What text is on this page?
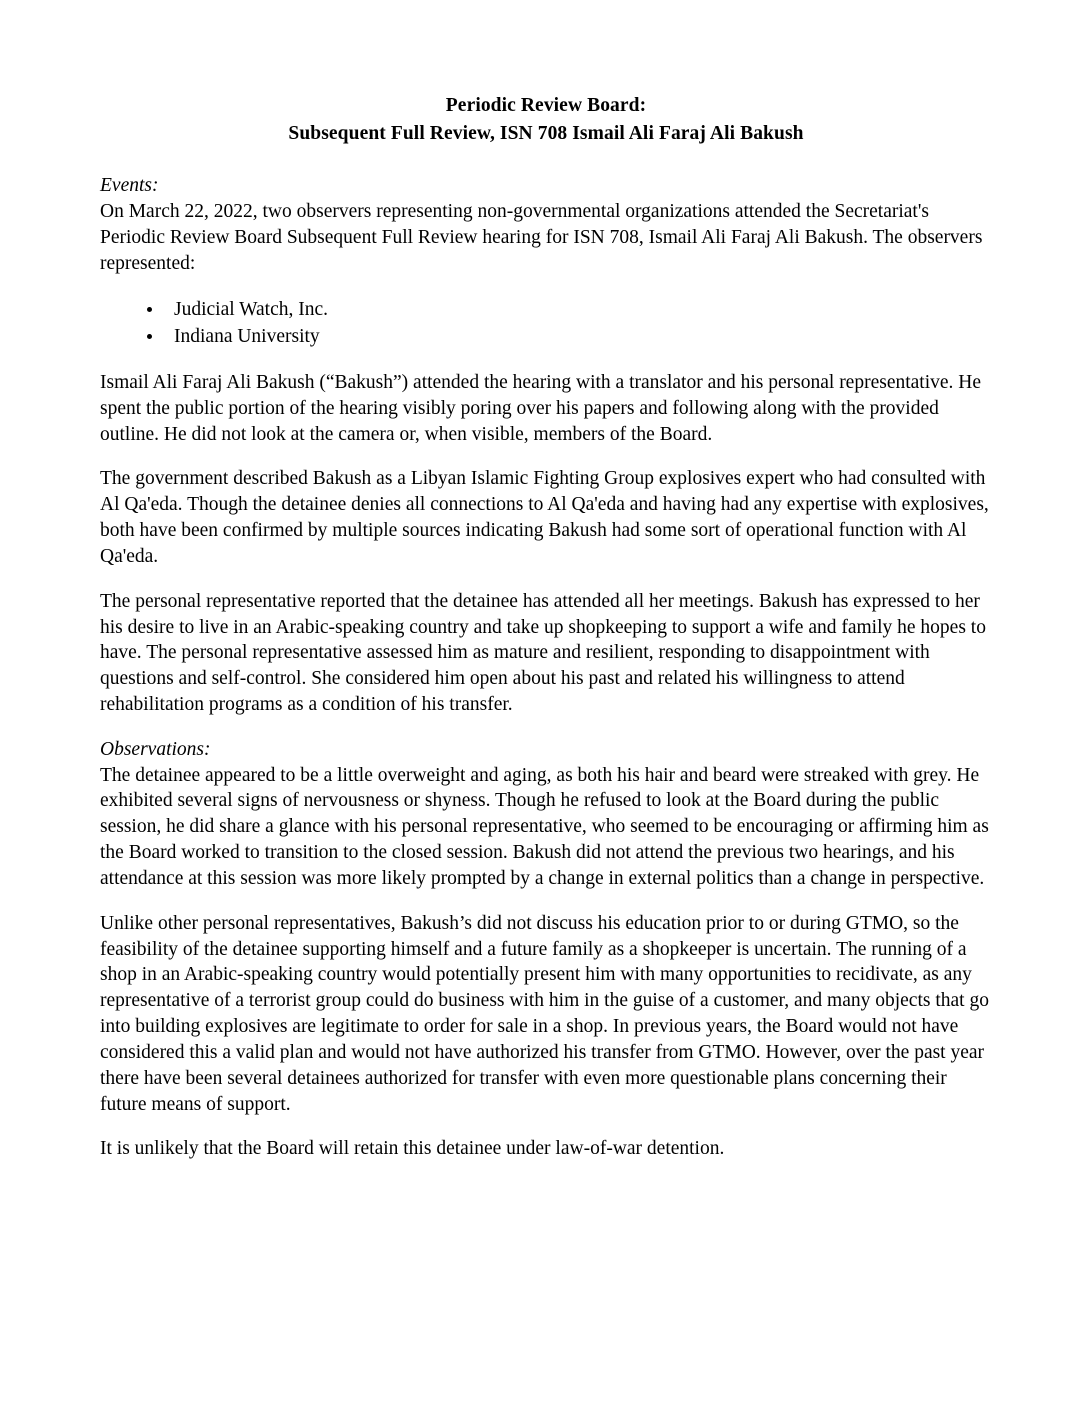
Periodic Review Board:
Subsequent Full Review, ISN 708 Ismail Ali Faraj Ali Bakush

Events:

On March 22, 2022, two observers representing non-governmental organizations attended the Secretariat's Periodic Review Board Subsequent Full Review hearing for ISN 708, Ismail Ali Faraj Ali Bakush. The observers represented:

• Judicial Watch, Inc.
• Indiana University

Ismail Ali Faraj Ali Bakush (“Bakush”) attended the hearing with a translator and his personal representative. He spent the public portion of the hearing visibly poring over his papers and following along with the provided outline. He did not look at the camera or, when visible, members of the Board.

The government described Bakush as a Libyan Islamic Fighting Group explosives expert who had consulted with Al Qa'eda. Though the detainee denies all connections to Al Qa'eda and having had any expertise with explosives, both have been confirmed by multiple sources indicating Bakush had some sort of operational function with Al Qa'eda.

The personal representative reported that the detainee has attended all her meetings. Bakush has expressed to her his desire to live in an Arabic-speaking country and take up shopkeeping to support a wife and family he hopes to have. The personal representative assessed him as mature and resilient, responding to disappointment with questions and self-control. She considered him open about his past and related his willingness to attend rehabilitation programs as a condition of his transfer.

Observations:

The detainee appeared to be a little overweight and aging, as both his hair and beard were streaked with grey. He exhibited several signs of nervousness or shyness. Though he refused to look at the Board during the public session, he did share a glance with his personal representative, who seemed to be encouraging or affirming him as the Board worked to transition to the closed session. Bakush did not attend the previous two hearings, and his attendance at this session was more likely prompted by a change in external politics than a change in perspective.

Unlike other personal representatives, Bakush’s did not discuss his education prior to or during GTMO, so the feasibility of the detainee supporting himself and a future family as a shopkeeper is uncertain. The running of a shop in an Arabic-speaking country would potentially present him with many opportunities to recidivate, as any representative of a terrorist group could do business with him in the guise of a customer, and many objects that go into building explosives are legitimate to order for sale in a shop. In previous years, the Board would not have considered this a valid plan and would not have authorized his transfer from GTMO. However, over the past year there have been several detainees authorized for transfer with even more questionable plans concerning their future means of support.

It is unlikely that the Board will retain this detainee under law-of-war detention.
